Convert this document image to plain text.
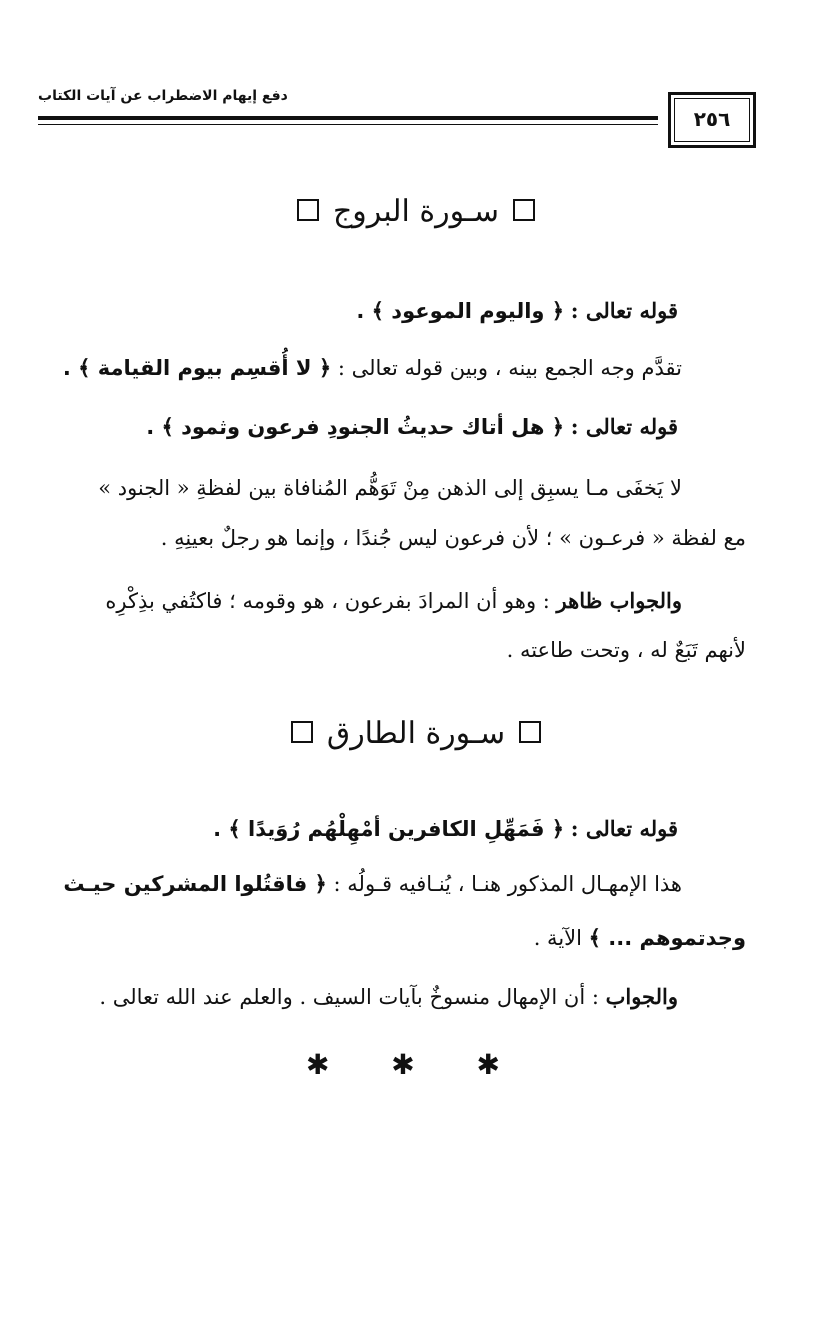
دفع إيهام الاضطراب عن آيات الكتاب
٢٥٦
سـورة البروج
قوله تعالى : ﴿ واليوم الموعود ﴾ .
تقدَّم وجه الجمع بينه ، وبين قوله تعالى : ﴿ لا أُقسِم بيوم القيامة ﴾ .
قوله تعالى : ﴿ هل أتاك حديثُ الجنودِ فرعون وثمود ﴾ .
لا يَخفَى مـا يسبِق إلى الذهن مِنْ تَوَهُّم المُنافاة بين لفظةِ « الجنود »
مع لفظة « فرعـون » ؛ لأن فرعون ليس جُندًا ، وإنما هو رجلٌ بعينِهِ .
والجواب ظاهر : وهو أن المرادَ بفرعون ، هو وقومه ؛ فاكتُفي بذِكْرِه
لأنهم تَبَعٌ له ، وتحت طاعته .
سـورة الطارق
قوله تعالى : ﴿ فَمَهِّلِ الكافرين أمْهِلْهُم رُوَيدًا ﴾ .
هذا الإمهـال المذكور هنـا ، يُنـافيه قـولُه : ﴿ فاقتُلوا المشركين حيـث
وجدتموهم ... ﴾ الآية .
والجواب : أن الإمهال منسوخٌ بآيات السيف . والعلم عند الله تعالى .
✱ ✱ ✱
